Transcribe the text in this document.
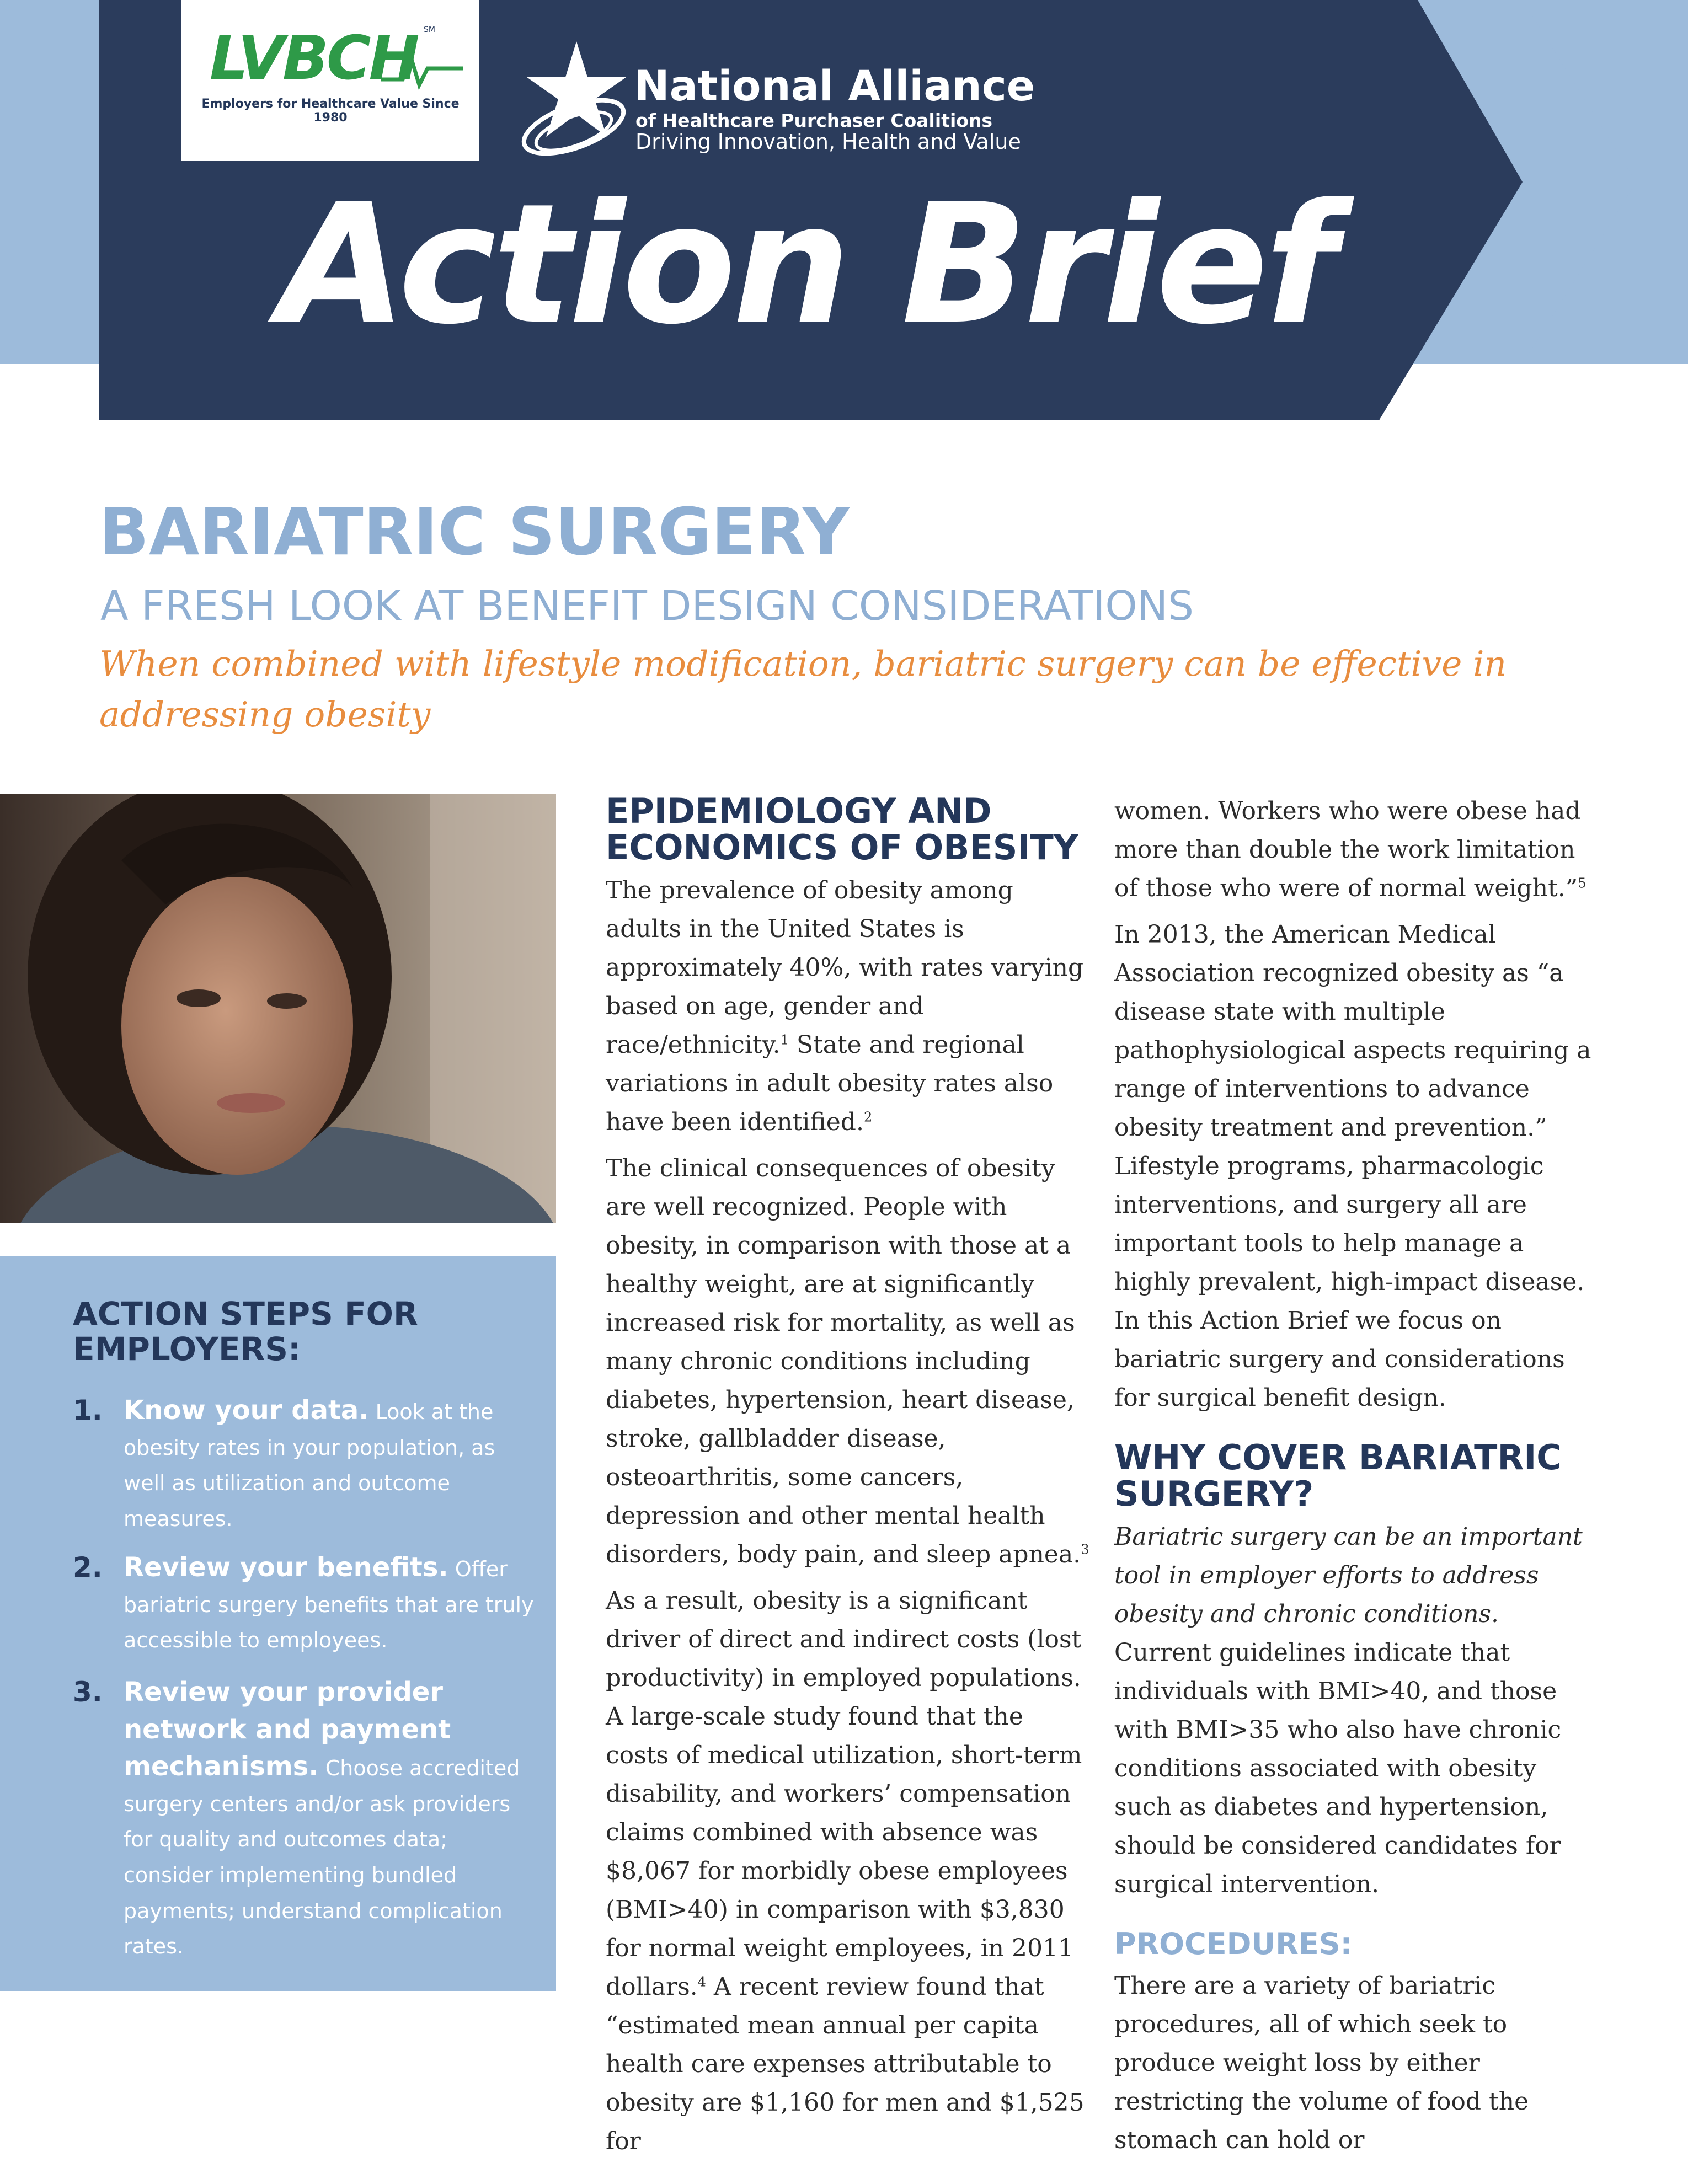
LVBCH SM
Employers for Healthcare Value Since 1980
National Alliance
of Healthcare Purchaser Coalitions
Driving Innovation, Health and Value
Action Brief
BARIATRIC SURGERY
A FRESH LOOK AT BENEFIT DESIGN CONSIDERATIONS
When combined with lifestyle modification, bariatric surgery can be effective in addressing obesity
ACTION STEPS FOR EMPLOYERS:
1. Know your data. Look at the obesity rates in your population, as well as utilization and outcome measures.
2. Review your benefits. Offer bariatric surgery benefits that are truly accessible to employees.
3. Review your provider network and payment mechanisms. Choose accredited surgery centers and/or ask providers for quality and outcomes data; consider implementing bundled payments; understand complication rates.
EPIDEMIOLOGY AND ECONOMICS OF OBESITY

The prevalence of obesity among adults in the United States is approximately 40%, with rates varying based on age, gender and race/ethnicity.$^1$ State and regional variations in adult obesity rates also have been identified.$^2$

The clinical consequences of obesity are well recognized. People with obesity, in comparison with those at a healthy weight, are at significantly increased risk for mortality, as well as many chronic conditions including diabetes, hypertension, heart disease, stroke, gallbladder disease, osteoarthritis, some cancers, depression and other mental health disorders, body pain, and sleep apnea.$^3$

As a result, obesity is a significant driver of direct and indirect costs (lost productivity) in employed populations. A large-scale study found that the costs of medical utilization, short-term disability, and workers’ compensation claims combined with absence was $8,067 for morbidly obese employees (BMI>40) in comparison with $3,830 for normal weight employees, in 2011 dollars.$^4$ A recent review found that “estimated mean annual per capita health care expenses attributable to obesity are $1,160 for men and $1,525 for

women. Workers who were obese had more than double the work limitation of those who were of normal weight.”$^5$

In 2013, the American Medical Association recognized obesity as “a disease state with multiple pathophysiological aspects requiring a range of interventions to advance obesity treatment and prevention.” Lifestyle programs, pharmacologic interventions, and surgery all are important tools to help manage a highly prevalent, high-impact disease. In this Action Brief we focus on bariatric surgery and considerations for surgical benefit design.

WHY COVER BARIATRIC SURGERY?

Bariatric surgery can be an important tool in employer efforts to address obesity and chronic conditions. Current guidelines indicate that individuals with BMI>40, and those with BMI>35 who also have chronic conditions associated with obesity such as diabetes and hypertension, should be considered candidates for surgical intervention.

PROCEDURES:

There are a variety of bariatric procedures, all of which seek to produce weight loss by either restricting the volume of food the stomach can hold or
